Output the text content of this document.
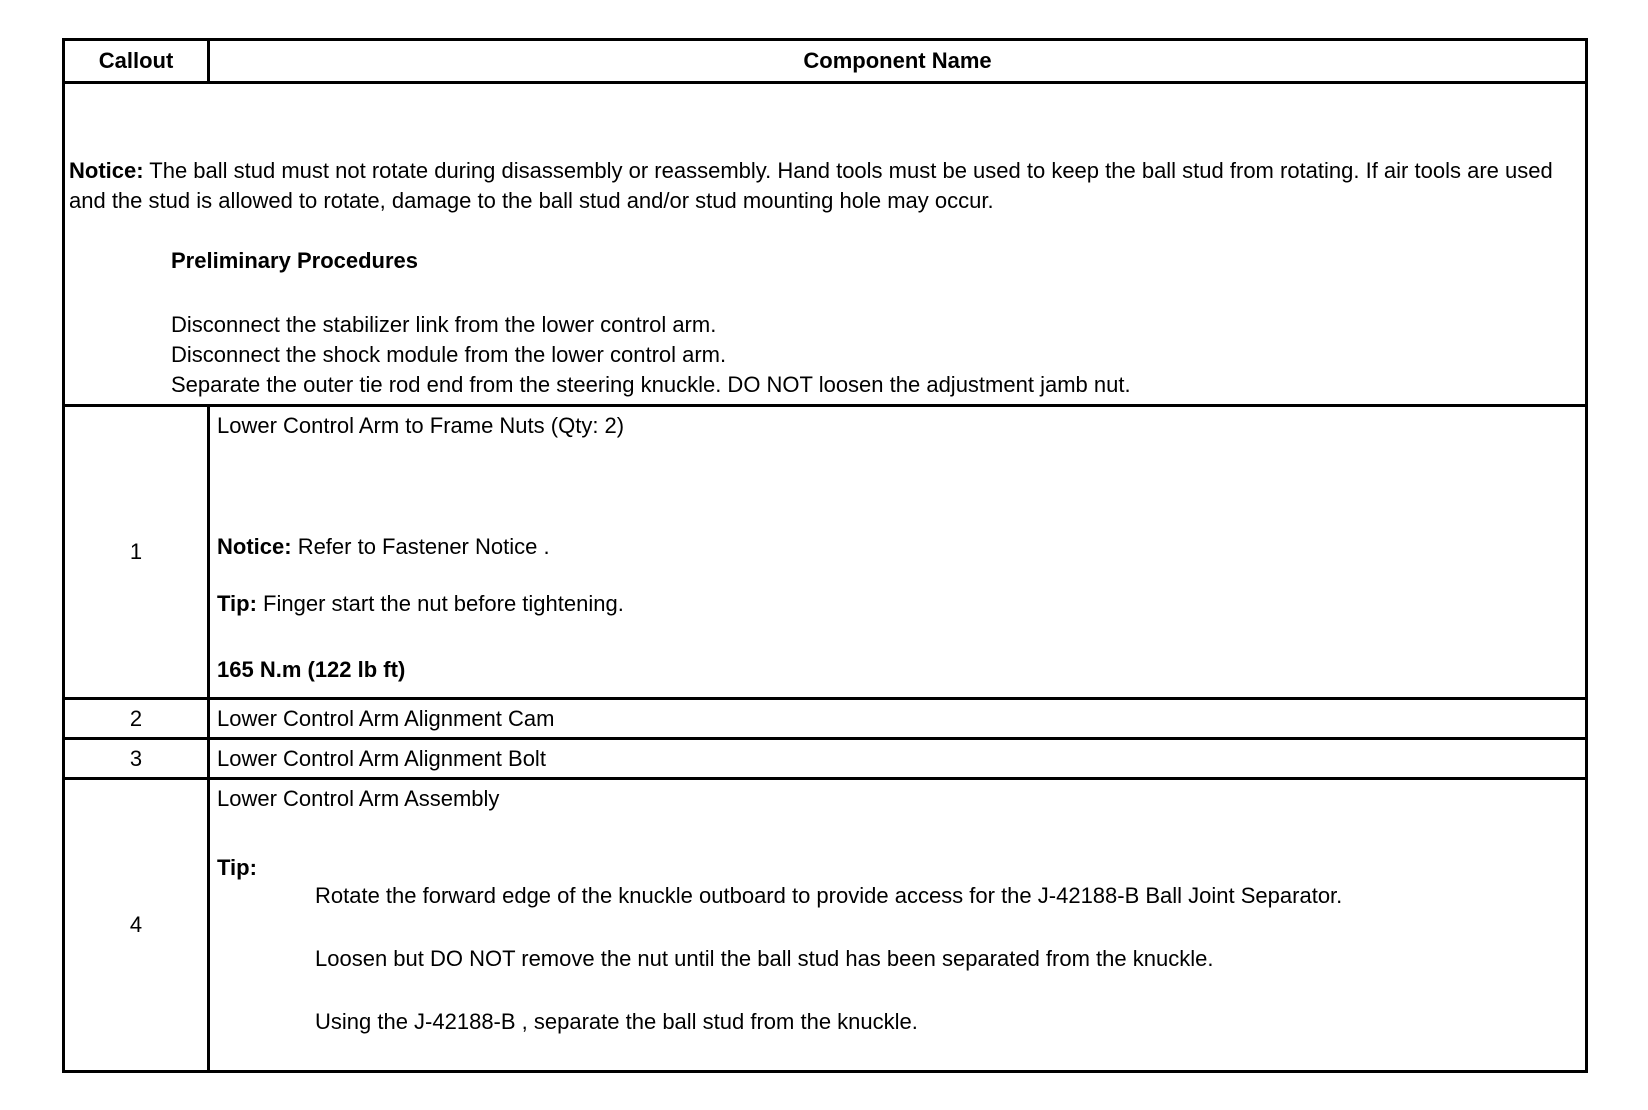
Callout	Component Name

Notice: The ball stud must not rotate during disassembly or reassembly. Hand tools must be used to keep the ball stud from rotating. If air tools are used and the stud is allowed to rotate, damage to the ball stud and/or stud mounting hole may occur.
Preliminary Procedures
Disconnect the stabilizer link from the lower control arm.
Disconnect the shock module from the lower control arm.
Separate the outer tie rod end from the steering knuckle. DO NOT loosen the adjustment jamb nut.	

1	Lower Control Arm to Frame Nuts (Qty: 2)
Notice: Refer to Fastener Notice .
Tip: Finger start the nut before tightening.
165 N.m (122 lb ft)

2	Lower Control Arm Alignment Cam
3	Lower Control Arm Alignment Bolt
4	Lower Control Arm Assembly
Tip:
Rotate the forward edge of the knuckle outboard to provide access for the J-42188-B Ball Joint Separator.
Loosen but DO NOT remove the nut until the ball stud has been separated from the knuckle.
Using the J-42188-B , separate the ball stud from the knuckle.
